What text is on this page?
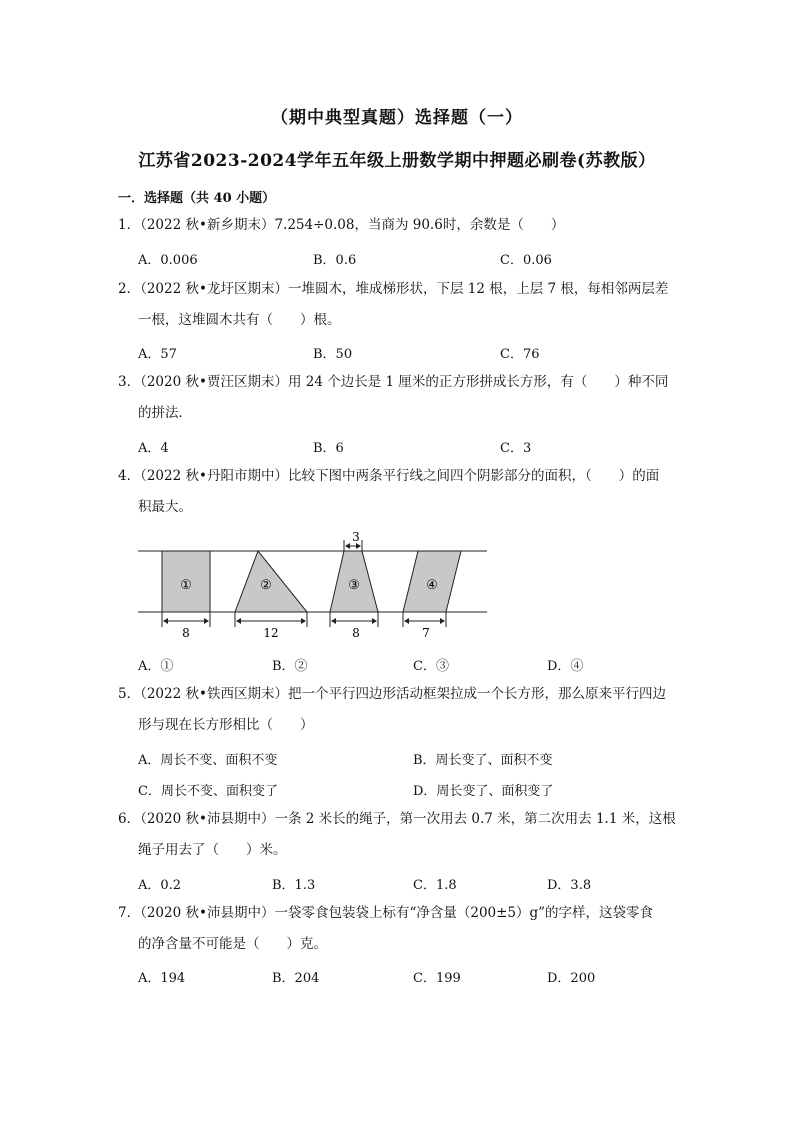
（期中典型真题）选择题（一）
江苏省2023-2024学年五年级上册数学期中押题必刷卷(苏教版）
一．选择题（共 40 小题）
1．（2022 秋•新乡期末）7.254÷0.08，当商为 90.6时，余数是（　　）
A．0.006	B．0.6	C．0.06
2．（2022 秋•龙圩区期末）一堆圆木，堆成梯形状，下层 12 根，上层 7 根，每相邻两层差
一根，这堆圆木共有（　　）根。
A．57	B．50	C．76
3．（2020 秋•贾汪区期末）用 24 个边长是 1 厘米的正方形拼成长方形，有（　　）种不同
的拼法．
A．4	B．6	C．3
4．（2022 秋•丹阳市期中）比较下图中两条平行线之间四个阴影部分的面积，（　　）的面
积最大。
①	②	③	④
3
8	12	8	7
A．①	B．②	C．③	D．④
5．（2022 秋•铁西区期末）把一个平行四边形活动框架拉成一个长方形，那么原来平行四边
形与现在长方形相比（　　）
A．周长不变、面积不变	B．周长变了、面积不变
C．周长不变、面积变了	D．周长变了、面积变了
6．（2020 秋•沛县期中）一条 2 米长的绳子，第一次用去 0.7 米，第二次用去 1.1 米，这根
绳子用去了（　　）米。
A．0.2	B．1.3	C．1.8	D．3.8
7．（2020 秋•沛县期中）一袋零食包装袋上标有“净含量（200±5）g”的字样，这袋零食
的净含量不可能是（　　）克。
A．194	B．204	C．199	D．200
